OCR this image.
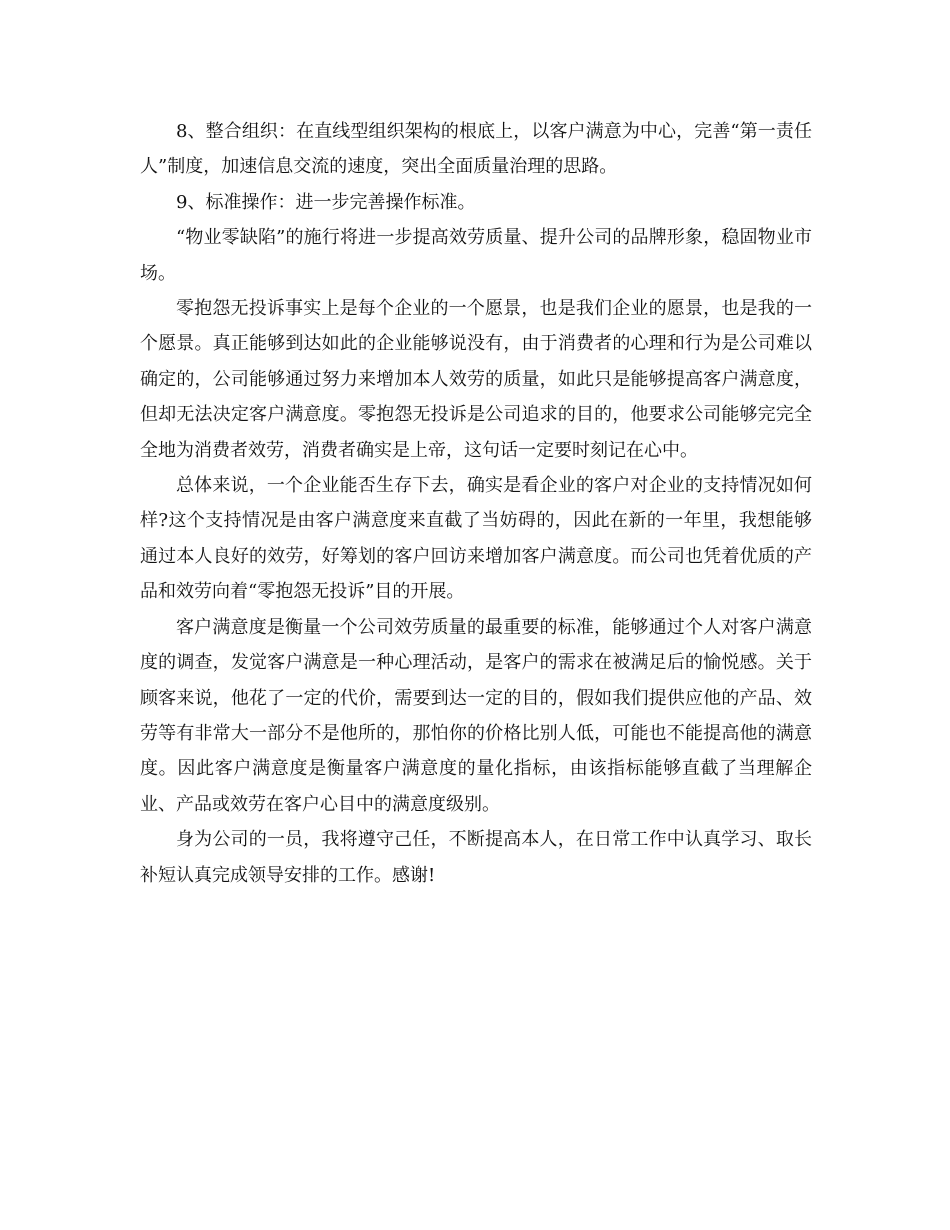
8、整合组织：在直线型组织架构的根底上，以客户满意为中心，完善“第一责任人”制度，加速信息交流的速度，突出全面质量治理的思路。

9、标准操作：进一步完善操作标准。

“物业零缺陷”的施行将进一步提高效劳质量、提升公司的品牌形象，稳固物业市场。

零抱怨无投诉事实上是每个企业的一个愿景，也是我们企业的愿景，也是我的一个愿景。真正能够到达如此的企业能够说没有，由于消费者的心理和行为是公司难以确定的，公司能够通过努力来增加本人效劳的质量，如此只是能够提高客户满意度，但却无法决定客户满意度。零抱怨无投诉是公司追求的目的，他要求公司能够完完全全地为消费者效劳，消费者确实是上帝，这句话一定要时刻记在心中。

总体来说，一个企业能否生存下去，确实是看企业的客户对企业的支持情况如何样?这个支持情况是由客户满意度来直截了当妨碍的，因此在新的一年里，我想能够通过本人良好的效劳，好筹划的客户回访来增加客户满意度。而公司也凭着优质的产品和效劳向着“零抱怨无投诉”目的开展。

客户满意度是衡量一个公司效劳质量的最重要的标准，能够通过个人对客户满意度的调查，发觉客户满意是一种心理活动，是客户的需求在被满足后的愉悦感。关于顾客来说，他花了一定的代价，需要到达一定的目的，假如我们提供应他的产品、效劳等有非常大一部分不是他所的，那怕你的价格比别人低，可能也不能提高他的满意度。因此客户满意度是衡量客户满意度的量化指标，由该指标能够直截了当理解企业、产品或效劳在客户心目中的满意度级别。

身为公司的一员，我将遵守己任，不断提高本人，在日常工作中认真学习、取长补短认真完成领导安排的工作。感谢!
